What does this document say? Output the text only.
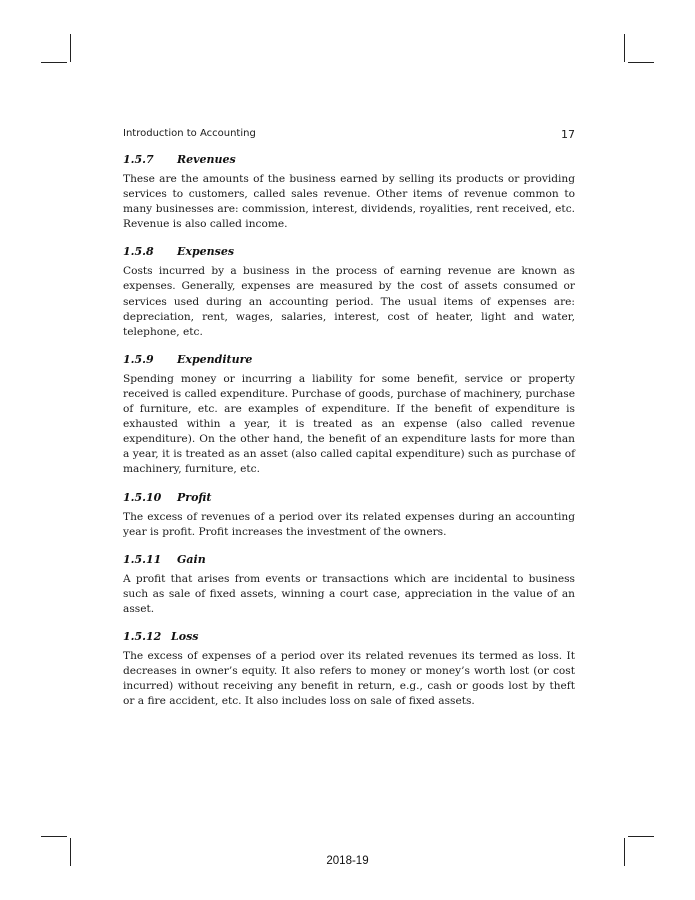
Introduction to Accounting	17
1.5.7 Revenues

These are the amounts of the business earned by selling its products or providing services to customers, called sales revenue. Other items of revenue common to many businesses are: commission, interest, dividends, royalities, rent received, etc. Revenue is also called income.

1.5.8 Expenses

Costs incurred by a business in the process of earning revenue are known as expenses. Generally, expenses are measured by the cost of assets consumed or services used during an accounting period. The usual items of expenses are: depreciation, rent, wages, salaries, interest, cost of heater, light and water, telephone, etc.

1.5.9 Expenditure

Spending money or incurring a liability for some benefit, service or property received is called expenditure. Purchase of goods, purchase of machinery, purchase of furniture, etc. are examples of expenditure. If the benefit of expenditure is exhausted within a year, it is treated as an expense (also called revenue expenditure). On the other hand, the benefit of an expenditure lasts for more than a year, it is treated as an asset (also called capital expenditure) such as purchase of machinery, furniture, etc.

1.5.10 Profit

The excess of revenues of a period over its related expenses during an accounting year is profit. Profit increases the investment of the owners.

1.5.11 Gain

A profit that arises from events or transactions which are incidental to business such as sale of fixed assets, winning a court case, appreciation in the value of an asset.

1.5.12 Loss

The excess of expenses of a period over its related revenues its termed as loss. It decreases in owner’s equity. It also refers to money or money’s worth lost (or cost incurred) without receiving any benefit in return, e.g., cash or goods lost by theft or a fire accident, etc. It also includes loss on sale of fixed assets.

2018-19
